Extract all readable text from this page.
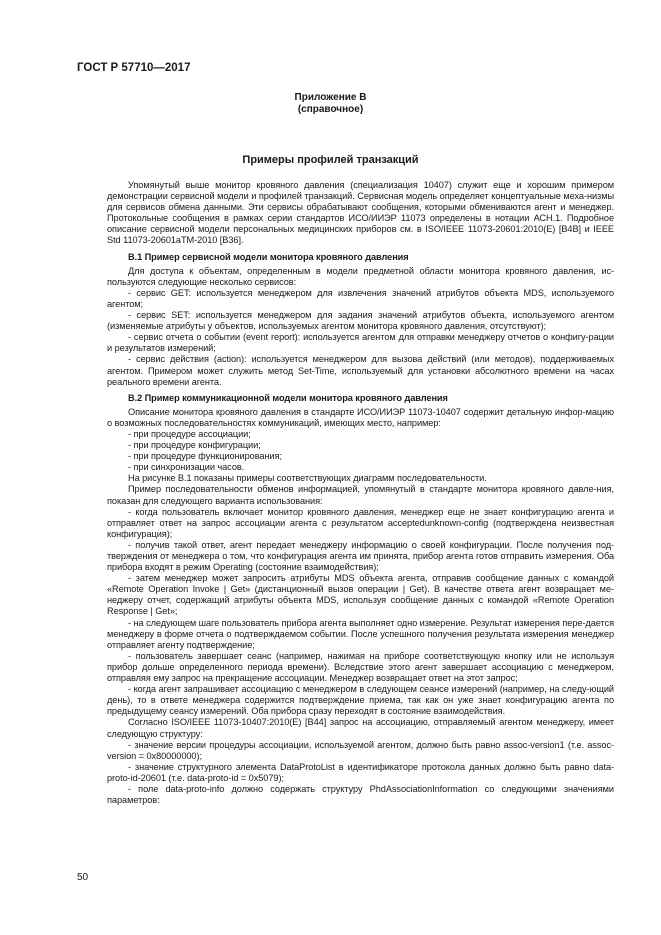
ГОСТ Р 57710—2017
Приложение В
(справочное)
Примеры профилей транзакций

Упомянутый выше монитор кровяного давления (специализация 10407) служит еще и хорошим примером демонстрации сервисной модели и профилей транзакций. Сервисная модель определяет концептуальные меха-низмы для сервисов обмена данными. Эти сервисы обрабатывают сообщения, которыми обмениваются агент и менеджер. Протокольные сообщения в рамках серии стандартов ИСО/ИИЭР 11073 определены в нотации АСН.1. Подробное описание сервисной модели персональных медицинских приборов см. в ISO/IEEE 11073-20601:2010(E) [B4B] и IEEE Std 11073-20601aTM-2010 [B36].

В.1 Пример сервисной модели монитора кровяного давления

Для доступа к объектам, определенным в модели предметной области монитора кровяного давления, ис-пользуются следующие несколько сервисов:

- сервис GET: используется менеджером для извлечения значений атрибутов объекта MDS, используемого агентом;

- сервис SET: используется менеджером для задания значений атрибутов объекта, используемого агентом (изменяемые атрибуты у объектов, используемых агентом монитора кровяного давления, отсутствуют);

- сервис отчета о событии (event report): используется агентом для отправки менеджеру отчетов о конфигу-рации и результатов измерений;

- сервис действия (action): используется менеджером для вызова действий (или методов), поддерживаемых агентом. Примером может служить метод Set-Time, используемый для установки абсолютного времени на часах реального времени агента.

В.2 Пример коммуникационной модели монитора кровяного давления

Описание монитора кровяного давления в стандарте ИСО/ИИЭР 11073-10407 содержит детальную инфор-мацию о возможных последовательностях коммуникаций, имеющих место, например:

- при процедуре ассоциации;

- при процедуре конфигурации;

- при процедуре функционирования;

- при синхронизации часов.

На рисунке В.1 показаны примеры соответствующих диаграмм последовательности.

Пример последовательности обменов информацией, упомянутый в стандарте монитора кровяного давле-ния, показан для следующего варианта использования:

- когда пользователь включает монитор кровяного давления, менеджер еще не знает конфигурацию агента и отправляет ответ на запрос ассоциации агента с результатом acceptedunknown-config (подтверждена неизвестная конфигурация);

- получив такой ответ, агент передает менеджеру информацию о своей конфигурации. После получения под-тверждения от менеджера о том, что конфигурация агента им принята, прибор агента готов отправить измерения. Оба прибора входят в режим Operating (состояние взаимодействия);

- затем менеджер может запросить атрибуты MDS объекта агента, отправив сообщение данных с командой «Remote Operation Invoke | Get» (дистанционный вызов операции | Get). В качестве ответа агент возвращает ме-неджеру отчет, содержащий атрибуты объекта MDS, используя сообщение данных с командой «Remote Operation Response | Get»;

- на следующем шаге пользователь прибора агента выполняет одно измерение. Результат измерения пере-дается менеджеру в форме отчета о подтверждаемом событии. После успешного получения результата измерения менеджер отправляет агенту подтверждение;

- пользователь завершает сеанс (например, нажимая на приборе соответствующую кнопку или не используя прибор дольше определенного периода времени). Вследствие этого агент завершает ассоциацию с менеджером, отправляя ему запрос на прекращение ассоциации. Менеджер возвращает ответ на этот запрос;

- когда агент запрашивает ассоциацию с менеджером в следующем сеансе измерений (например, на следу-ющий день), то в ответе менеджера содержится подтверждение приема, так как он уже знает конфигурацию агента по предыдущему сеансу измерений. Оба прибора сразу переходят в состояние взаимодействия.

Согласно ISO/IEEE 11073-10407:2010(E) [B44] запрос на ассоциацию, отправляемый агентом менеджеру, имеет следующую структуру:

- значение версии процедуры ассоциации, используемой агентом, должно быть равно assoc-version1 (т.е. assoc-version = 0x80000000);

- значение структурного элемента DataProtoList в идентификаторе протокола данных должно быть равно data-proto-id-20601 (т.е. data-proto-id = 0x5079);

- поле data-proto-info должно содержать структуру PhdAssociationInformation со следующими значениями параметров:

50
